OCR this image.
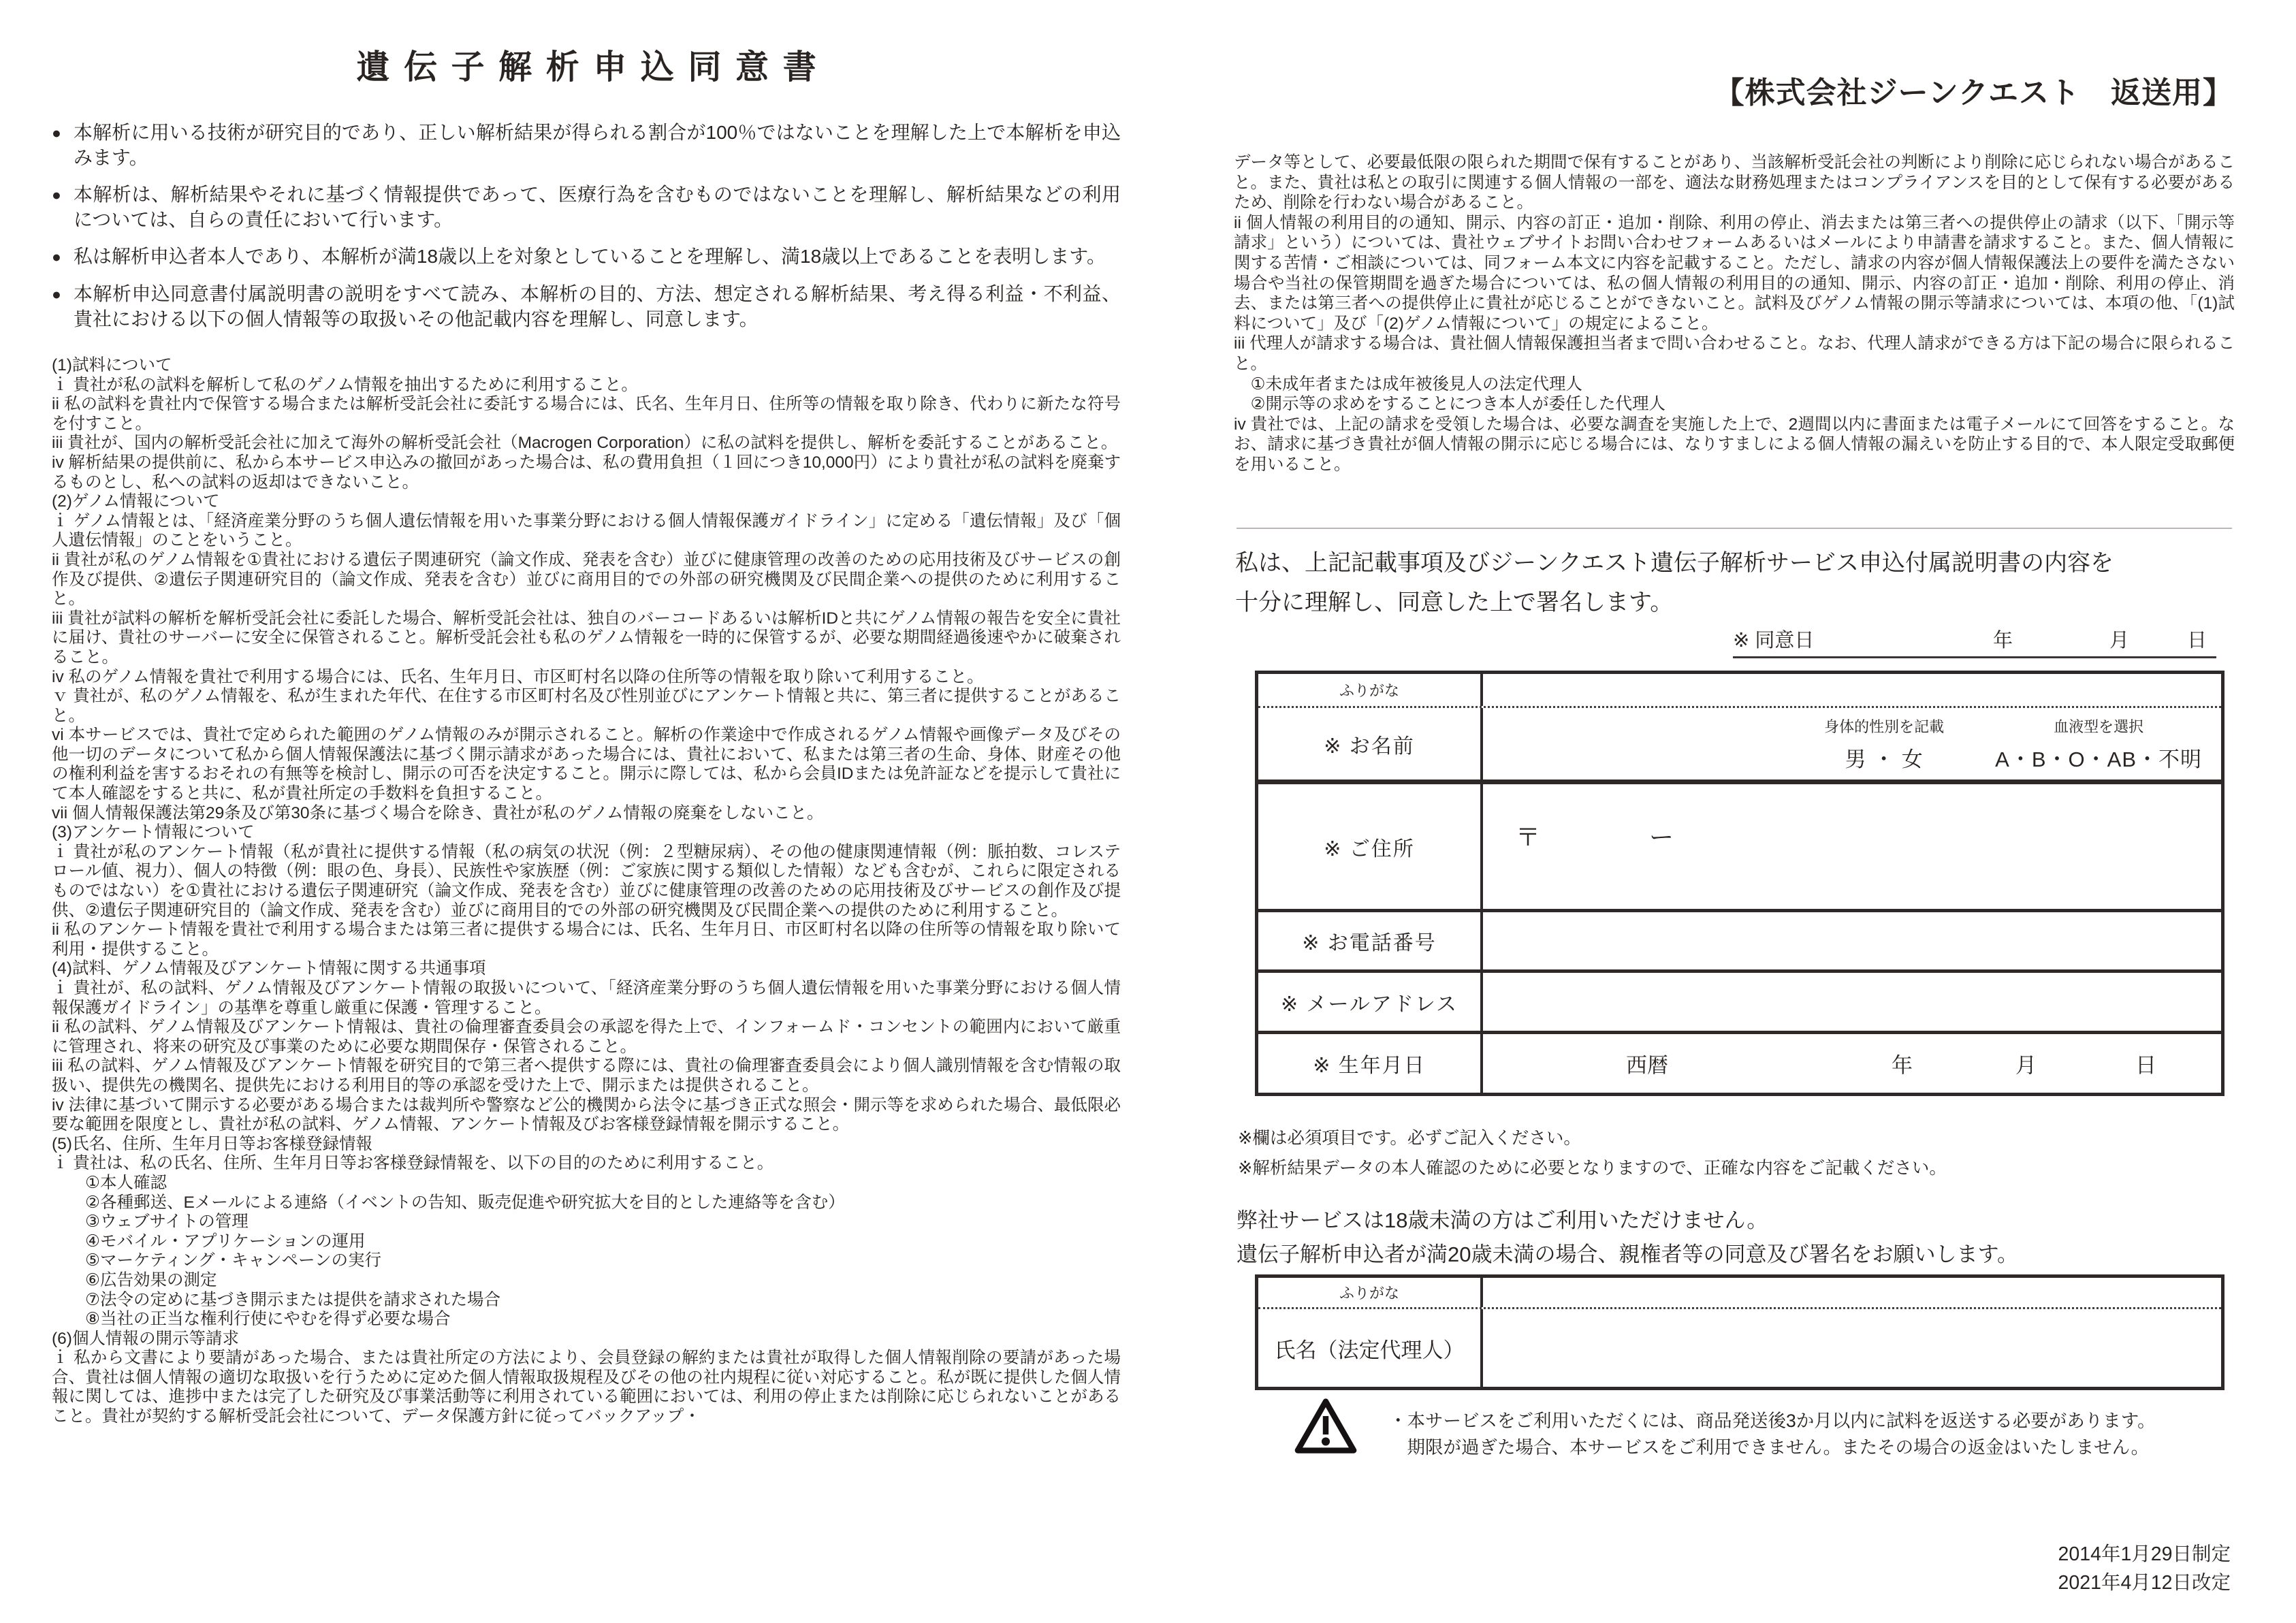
遺伝子解析申込同意書
● 本解析に用いる技術が研究目的であり、正しい解析結果が得られる割合が100％ではないことを理解した上で本解析を申込みます。
● 本解析は、解析結果やそれに基づく情報提供であって、医療行為を含むものではないことを理解し、解析結果などの利用については、自らの責任において行います。
● 私は解析申込者本人であり、本解析が満18歳以上を対象としていることを理解し、満18歳以上であることを表明します。
● 本解析申込同意書付属説明書の説明をすべて読み、本解析の目的、方法、想定される解析結果、考え得る利益・不利益、貴社における以下の個人情報等の取扱いその他記載内容を理解し、同意します。
(1)試料について
ｉ 貴社が私の試料を解析して私のゲノム情報を抽出するために利用すること。
ii 私の試料を貴社内で保管する場合または解析受託会社に委託する場合には、氏名、生年月日、住所等の情報を取り除き、代わりに新たな符号を付すこと。
iii 貴社が、国内の解析受託会社に加えて海外の解析受託会社（Macrogen Corporation）に私の試料を提供し、解析を委託することがあること。
iv 解析結果の提供前に、私から本サービス申込みの撤回があった場合は、私の費用負担（１回につき10,000円）により貴社が私の試料を廃棄するものとし、私への試料の返却はできないこと。
(2)ゲノム情報について
ｉ ゲノム情報とは、「経済産業分野のうち個人遺伝情報を用いた事業分野における個人情報保護ガイドライン」に定める「遺伝情報」及び「個人遺伝情報」のことをいうこと。
ii 貴社が私のゲノム情報を①貴社における遺伝子関連研究（論文作成、発表を含む）並びに健康管理の改善のための応用技術及びサービスの創作及び提供、②遺伝子関連研究目的（論文作成、発表を含む）並びに商用目的での外部の研究機関及び民間企業への提供のために利用すること。
iii 貴社が試料の解析を解析受託会社に委託した場合、解析受託会社は、独自のバーコードあるいは解析IDと共にゲノム情報の報告を安全に貴社に届け、貴社のサーバーに安全に保管されること。解析受託会社も私のゲノム情報を一時的に保管するが、必要な期間経過後速やかに破棄されること。
iv 私のゲノム情報を貴社で利用する場合には、氏名、生年月日、市区町村名以降の住所等の情報を取り除いて利用すること。
ｖ 貴社が、私のゲノム情報を、私が生まれた年代、在住する市区町村名及び性別並びにアンケート情報と共に、第三者に提供することがあること。
vi 本サービスでは、貴社で定められた範囲のゲノム情報のみが開示されること。解析の作業途中で作成されるゲノム情報や画像データ及びその他一切のデータについて私から個人情報保護法に基づく開示請求があった場合には、貴社において、私または第三者の生命、身体、財産その他の権利利益を害するおそれの有無等を検討し、開示の可否を決定すること。開示に際しては、私から会員IDまたは免許証などを提示して貴社にて本人確認をすると共に、私が貴社所定の手数料を負担すること。
vii 個人情報保護法第29条及び第30条に基づく場合を除き、貴社が私のゲノム情報の廃棄をしないこと。
(3)アンケート情報について
ｉ 貴社が私のアンケート情報（私が貴社に提供する情報（私の病気の状況（例：２型糖尿病）、その他の健康関連情報（例：脈拍数、コレステロール値、視力）、個人の特徴（例：眼の色、身長）、民族性や家族歴（例：ご家族に関する類似した情報）なども含むが、これらに限定されるものではない）を①貴社における遺伝子関連研究（論文作成、発表を含む）並びに健康管理の改善のための応用技術及びサービスの創作及び提供、②遺伝子関連研究目的（論文作成、発表を含む）並びに商用目的での外部の研究機関及び民間企業への提供のために利用すること。
ii 私のアンケート情報を貴社で利用する場合または第三者に提供する場合には、氏名、生年月日、市区町村名以降の住所等の情報を取り除いて利用・提供すること。
(4)試料、ゲノム情報及びアンケート情報に関する共通事項
ｉ 貴社が、私の試料、ゲノム情報及びアンケート情報の取扱いについて、「経済産業分野のうち個人遺伝情報を用いた事業分野における個人情報保護ガイドライン」の基準を尊重し厳重に保護・管理すること。
ii 私の試料、ゲノム情報及びアンケート情報は、貴社の倫理審査委員会の承認を得た上で、インフォームド・コンセントの範囲内において厳重に管理され、将来の研究及び事業のために必要な期間保存・保管されること。
iii 私の試料、ゲノム情報及びアンケート情報を研究目的で第三者へ提供する際には、貴社の倫理審査委員会により個人識別情報を含む情報の取扱い、提供先の機関名、提供先における利用目的等の承認を受けた上で、開示または提供されること。
iv 法律に基づいて開示する必要がある場合または裁判所や警察など公的機関から法令に基づき正式な照会・開示等を求められた場合、最低限必要な範囲を限度とし、貴社が私の試料、ゲノム情報、アンケート情報及びお客様登録情報を開示すること。
(5)氏名、住所、生年月日等お客様登録情報
ｉ 貴社は、私の氏名、住所、生年月日等お客様登録情報を、以下の目的のために利用すること。
　　①本人確認
　　②各種郵送、Eメールによる連絡（イベントの告知、販売促進や研究拡大を目的とした連絡等を含む）
　　③ウェブサイトの管理
　　④モバイル・アプリケーションの運用
　　⑤マーケティング・キャンペーンの実行
　　⑥広告効果の測定
　　⑦法令の定めに基づき開示または提供を請求された場合
　　⑧当社の正当な権利行使にやむを得ず必要な場合
(6)個人情報の開示等請求
ｉ 私から文書により要請があった場合、または貴社所定の方法により、会員登録の解約または貴社が取得した個人情報削除の要請があった場合、貴社は個人情報の適切な取扱いを行うために定めた個人情報取扱規程及びその他の社内規程に従い対応すること。私が既に提供した個人情報に関しては、進捗中または完了した研究及び事業活動等に利用されている範囲においては、利用の停止または削除に応じられないことがあること。貴社が契約する解析受託会社について、データ保護方針に従ってバックアップ・
【株式会社ジーンクエスト　返送用】
データ等として、必要最低限の限られた期間で保有することがあり、当該解析受託会社の判断により削除に応じられない場合があること。また、貴社は私との取引に関連する個人情報の一部を、適法な財務処理またはコンプライアンスを目的として保有する必要があるため、削除を行わない場合があること。
ii 個人情報の利用目的の通知、開示、内容の訂正・追加・削除、利用の停止、消去または第三者への提供停止の請求（以下、「開示等請求」という）については、貴社ウェブサイトお問い合わせフォームあるいはメールにより申請書を請求すること。また、個人情報に関する苦情・ご相談については、同フォーム本文に内容を記載すること。ただし、請求の内容が個人情報保護法上の要件を満たさない場合や当社の保管期間を過ぎた場合については、私の個人情報の利用目的の通知、開示、内容の訂正・追加・削除、利用の停止、消去、または第三者への提供停止に貴社が応じることができないこと。試料及びゲノム情報の開示等請求については、本項の他、「(1)試料について」及び「(2)ゲノム情報について」の規定によること。
iii 代理人が請求する場合は、貴社個人情報保護担当者まで問い合わせること。なお、代理人請求ができる方は下記の場合に限られること。
　①未成年者または成年被後見人の法定代理人
　②開示等の求めをすることにつき本人が委任した代理人
iv 貴社では、上記の請求を受領した場合は、必要な調査を実施した上で、2週間以内に書面または電子メールにて回答をすること。なお、請求に基づき貴社が個人情報の開示に応じる場合には、なりすましによる個人情報の漏えいを防止する目的で、本人限定受取郵便を用いること。
私は、上記記載事項及びジーンクエスト遺伝子解析サービス申込付属説明書の内容を
十分に理解し、同意した上で署名します。
※ 同意日	年	月	日
ふりがな
※ お名前
身体的性別を記載
男 ・ 女
血液型を選択
A・B・O・AB・不明
※ ご住所	〒	ー
※ お電話番号
※ メールアドレス
※ 生年月日	西暦	年	月	日
※欄は必須項目です。必ずご記入ください。
※解析結果データの本人確認のために必要となりますので、正確な内容をご記載ください。
弊社サービスは18歳未満の方はご利用いただけません。
遺伝子解析申込者が満20歳未満の場合、親権者等の同意及び署名をお願いします。
ふりがな
氏名（法定代理人）
・本サービスをご利用いただくには、商品発送後3か月以内に試料を返送する必要があります。
　期限が過ぎた場合、本サービスをご利用できません。またその場合の返金はいたしません。
2014年1月29日制定
2021年4月12日改定
